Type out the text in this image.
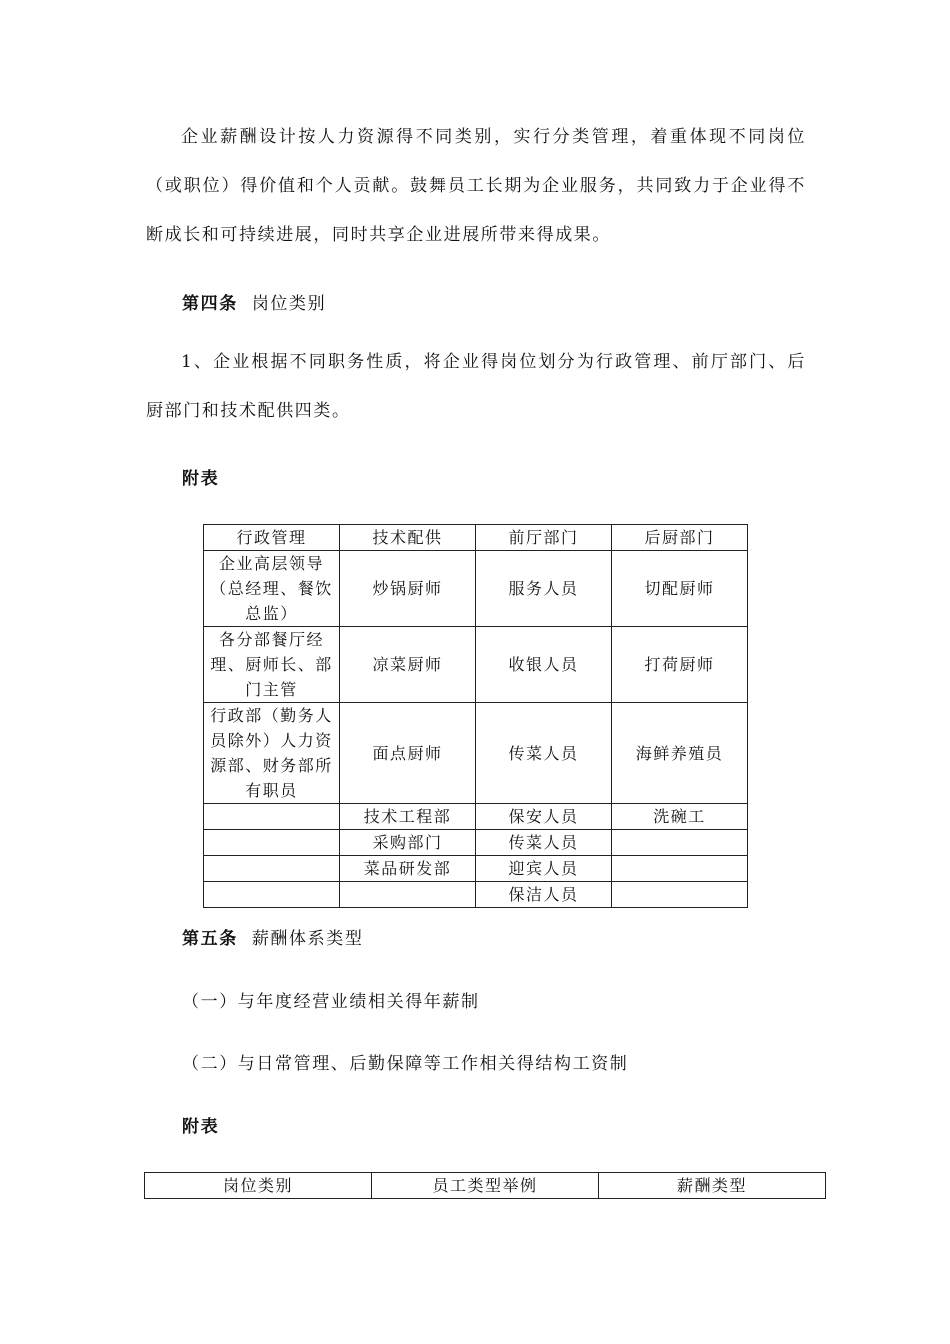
企业薪酬设计按人力资源得不同类别，实行分类管理，着重体现不同岗位（或职位）得价值和个人贡献。鼓舞员工长期为企业服务，共同致力于企业得不断成长和可持续进展，同时共享企业进展所带来得成果。

第四条 岗位类别

1、企业根据不同职务性质，将企业得岗位划分为行政管理、前厅部门、后厨部门和技术配供四类。

附表

行政管理	技术配供	前厅部门	后厨部门
企业高层领导（总经理、餐饮总监）	炒锅厨师	服务人员	切配厨师
各分部餐厅经理、厨师长、部门主管	凉菜厨师	收银人员	打荷厨师
行政部（勤务人员除外）人力资源部、财务部所有职员	面点厨师	传菜人员	海鲜养殖员
	技术工程部	保安人员	洗碗工
	采购部门	传菜人员	
	菜品研发部	迎宾人员	
		保洁人员	

第五条 薪酬体系类型

（一）与年度经营业绩相关得年薪制

（二）与日常管理、后勤保障等工作相关得结构工资制

附表

岗位类别	员工类型举例	薪酬类型
